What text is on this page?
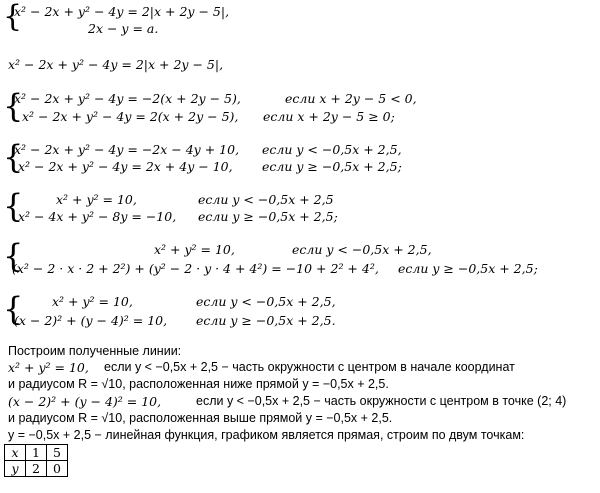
{
x² − 2x + y² − 4y = 2|x + 2y − 5|,
2x − y = a.
x² − 2x + y² − 4y = 2|x + 2y − 5|,
{
x² − 2x + y² − 4y = −2(x + 2y − 5),	если x + 2y − 5 < 0,
x² − 2x + y² − 4y = 2(x + 2y − 5), если x + 2y − 5 ≥ 0;
{
x² − 2x + y² − 4y = −2x − 4y + 10, если y < −0,5x + 2,5,
x² − 2x + y² − 4y = 2x + 4y − 10, если y ≥ −0,5x + 2,5;
{	x² + y² = 10,	если y < −0,5x + 2,5
x² − 4x + y² − 8y = −10, если y ≥ −0,5x + 2,5;
{	x² + y² = 10,	если y < −0,5x + 2,5,
(x² − 2 · x · 2 + 2²) + (y² − 2 · y · 4 + 4²) = −10 + 2² + 4², если y ≥ −0,5x + 2,5;
{ x² + y² = 10,	если y < −0,5x + 2,5,
(x − 2)² + (y − 4)² = 10, если y ≥ −0,5x + 2,5.
Построим полученные линии:
x² + y² = 10, если y < −0,5x + 2,5 − часть окружности с центром в начале координат
и радиусом R = √10, расположенная ниже прямой y = −0,5x + 2,5.
(x − 2)² + (y − 4)² = 10,	если y < −0,5x + 2,5 − часть окружности с центром в точке (2; 4)
и радиусом R = √10, расположенная выше прямой y = −0,5x + 2,5.
y = −0,5x + 2,5 − линейная функция, графиком является прямая, строим по двум точкам:
x	1	5
y	2	0
